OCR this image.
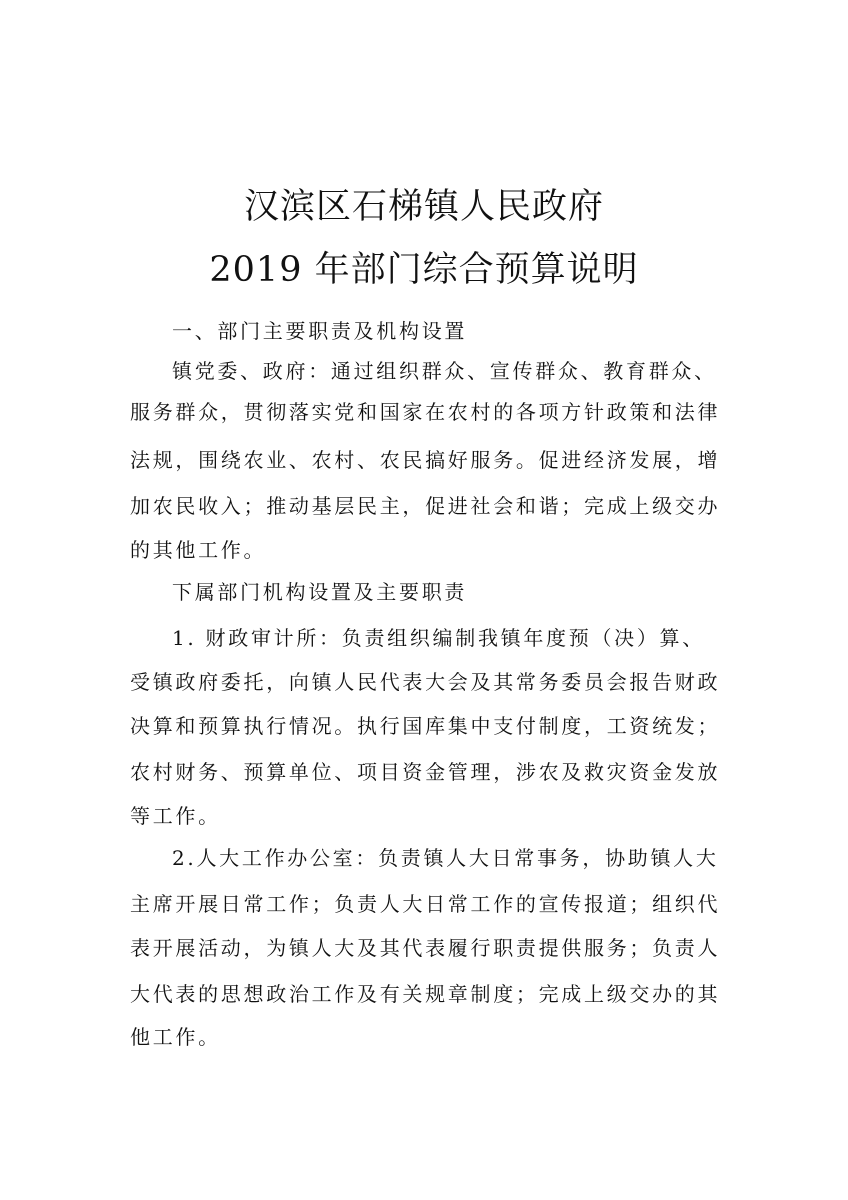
汉滨区石梯镇人民政府
2019 年部门综合预算说明
一、部门主要职责及机构设置
镇党委、政府：通过组织群众、宣传群众、教育群众、
服务群众，贯彻落实党和国家在农村的各项方针政策和法律
法规，围绕农业、农村、农民搞好服务。促进经济发展，增
加农民收入；推动基层民主，促进社会和谐；完成上级交办
的其他工作。
下属部门机构设置及主要职责
1. 财政审计所：负责组织编制我镇年度预（决）算、
受镇政府委托，向镇人民代表大会及其常务委员会报告财政
决算和预算执行情况。执行国库集中支付制度，工资统发；
农村财务、预算单位、项目资金管理，涉农及救灾资金发放
等工作。
2.人大工作办公室：负责镇人大日常事务，协助镇人大
主席开展日常工作；负责人大日常工作的宣传报道；组织代
表开展活动，为镇人大及其代表履行职责提供服务；负责人
大代表的思想政治工作及有关规章制度；完成上级交办的其
他工作。
